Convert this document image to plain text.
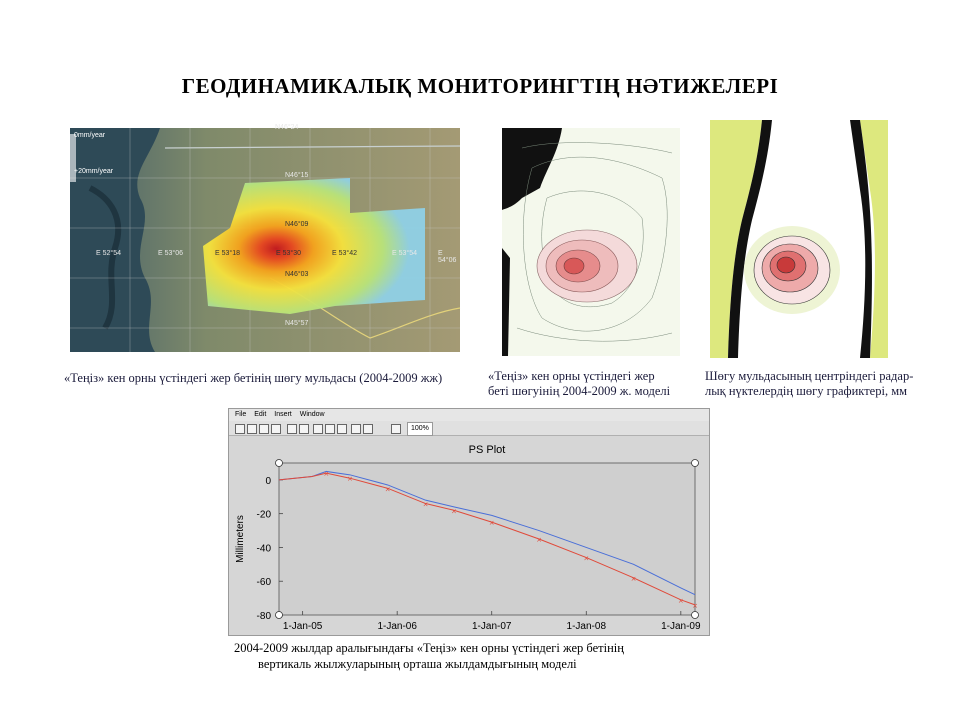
ГЕОДИНАМИКАЛЫҚ МОНИТОРИНГТІҢ НӘТИЖЕЛЕРІ
0mm/year
+20mm/year
N46°24
N46°15
N46°09
E 52°54	E 53°06	E 53°18	E 53°30	E 53°42	E 53°54	E 54°06
N46°03
N45°57
«Теңіз» кен орны үстіндегі жер бетінің шөгу мульдасы (2004-2009 жж)	«Теңіз» кен орны үстіндегі жер
беті шөгуінің 2004-2009 ж. моделі
Шөгу мульдасының центріндегі радар-
лық нүктелердің шөгу графиктері, мм
File Edit Insert Window
100%
PS Plot
Millimeters
0
-20
-40
-60
-80
1-Jan-05	1-Jan-06	1-Jan-07	1-Jan-08	1-Jan-09
×
×
×
×
×
×
×
×
×
×
×
2004-2009 жылдар аралығындағы «Теңіз» кен орны үстіндегі жер бетінің
вертикаль жылжуларының орташа жылдамдығының моделі
